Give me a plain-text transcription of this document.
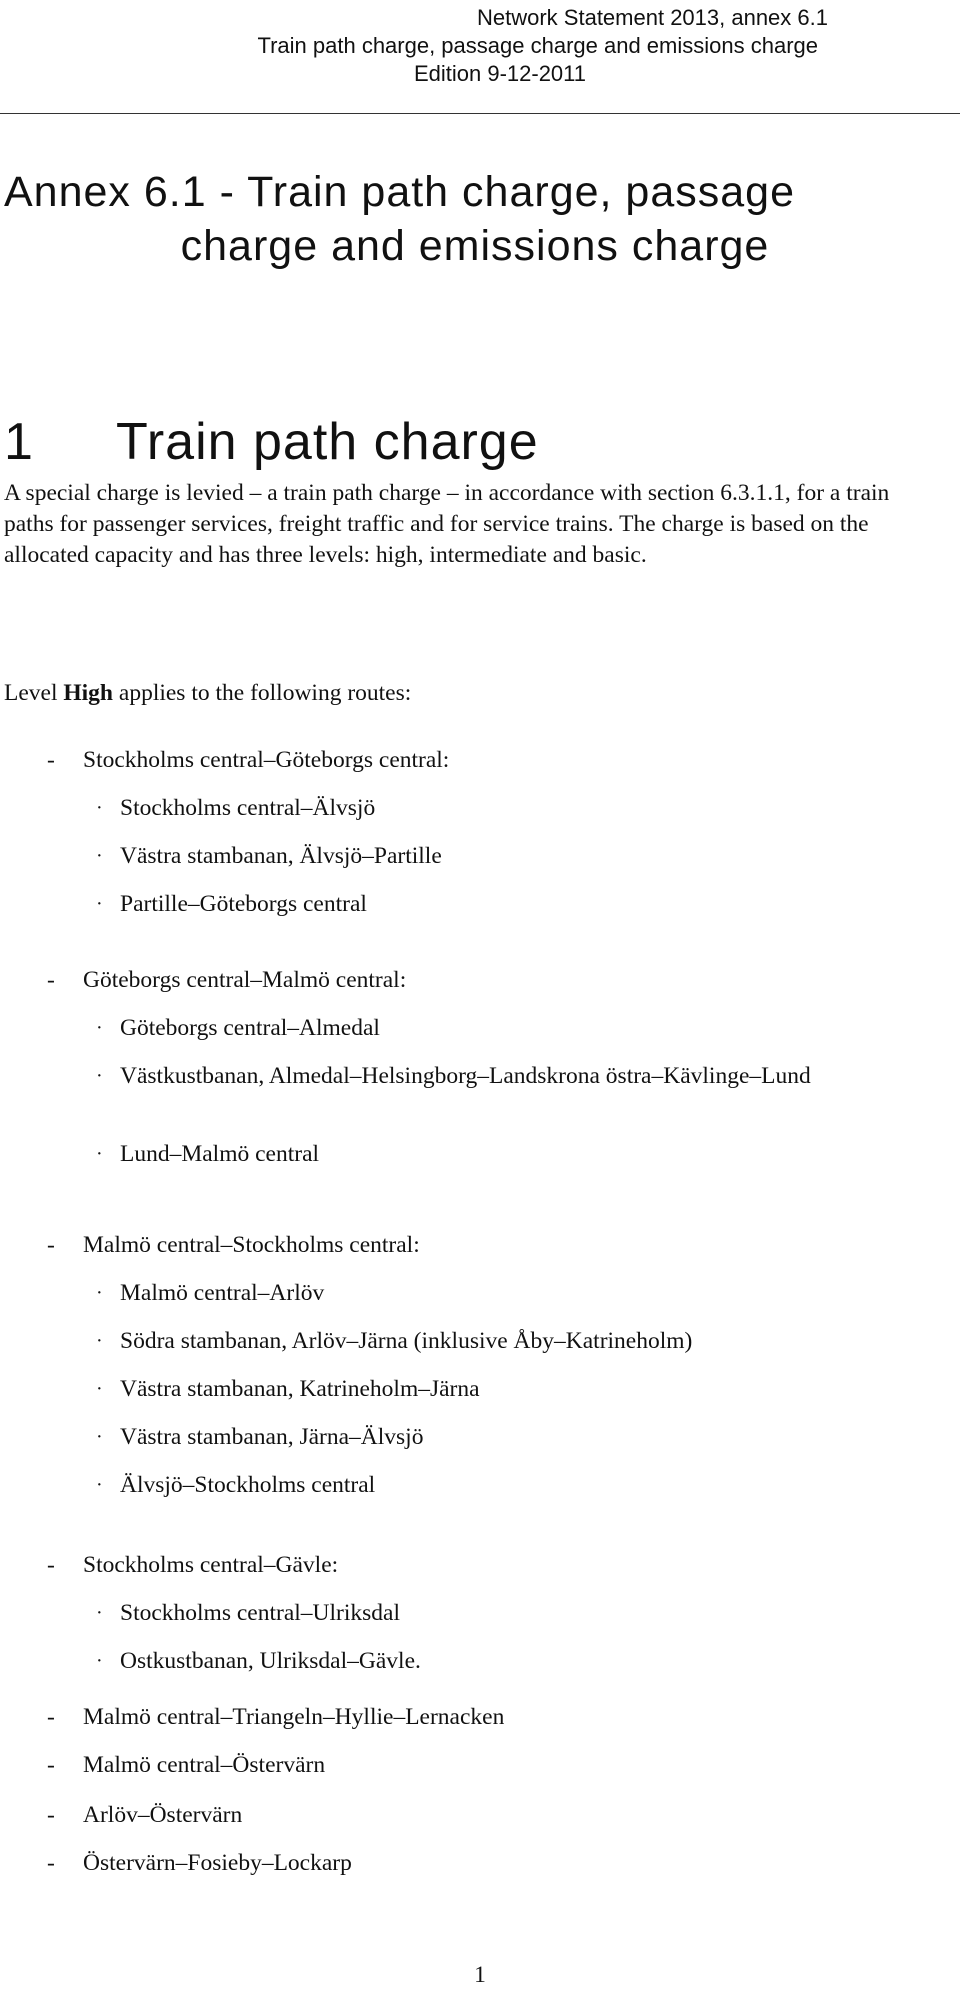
Network Statement 2013, annex 6.1
Train path charge, passage charge and emissions charge
Edition 9-12-2011
Annex 6.1 - Train path charge, passage
charge and emissions charge
1 Train path charge

A special charge is levied – a train path charge – in accordance with section 6.3.1.1, for a train paths for passenger services, freight traffic and for service trains. The charge is based on the allocated capacity and has three levels: high, intermediate and basic.

Level High applies to the following routes:

- Stockholms central–Göteborgs central:
· Stockholms central–Älvsjö
· Västra stambanan, Älvsjö–Partille
· Partille–Göteborgs central
- Göteborgs central–Malmö central:
· Göteborgs central–Almedal
· Västkustbanan, Almedal–Helsingborg–Landskrona östra–Kävlinge–Lund
· Lund–Malmö central
- Malmö central–Stockholms central:
· Malmö central–Arlöv
· Södra stambanan, Arlöv–Järna (inklusive Åby–Katrineholm)
· Västra stambanan, Katrineholm–Järna
· Västra stambanan, Järna–Älvsjö
· Älvsjö–Stockholms central
- Stockholms central–Gävle:
· Stockholms central–Ulriksdal
· Ostkustbanan, Ulriksdal–Gävle.
- Malmö central–Triangeln–Hyllie–Lernacken
- Malmö central–Östervärn
- Arlöv–Östervärn
- Östervärn–Fosieby–Lockarp
1
